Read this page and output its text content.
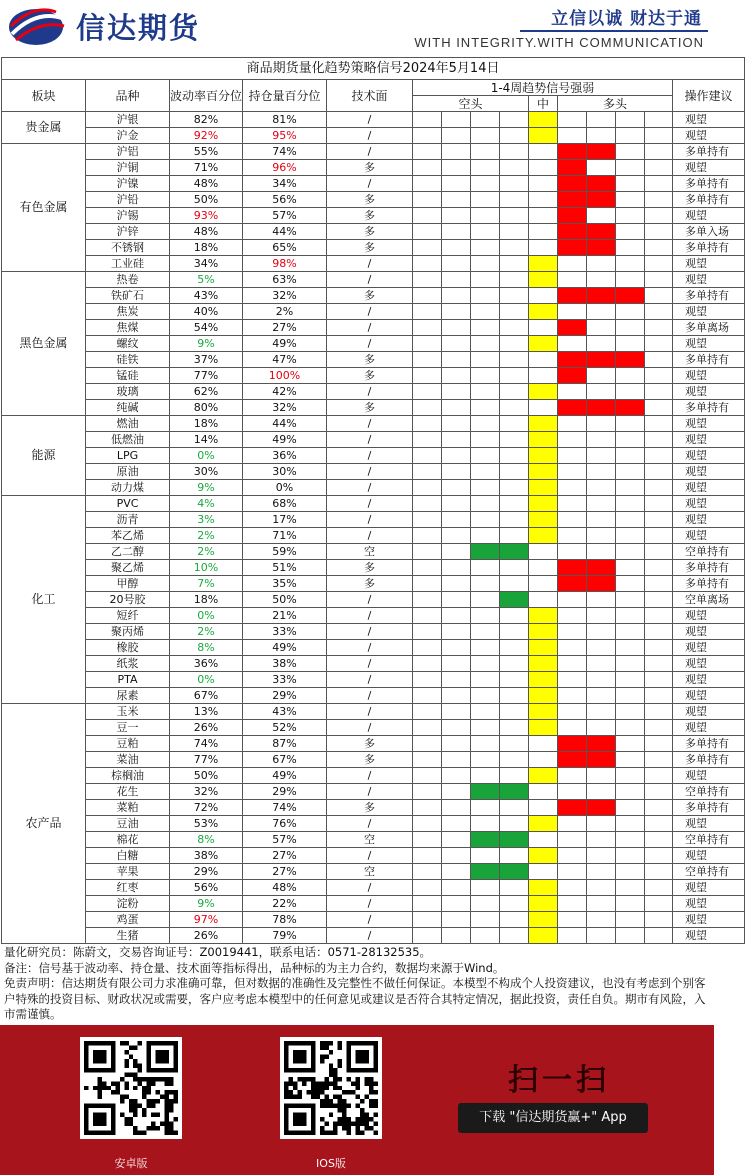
信达期货	立信以诚 财达于通
WITH INTEGRITY.WITH COMMUNICATION
商品期货量化趋势策略信号2024年5月14日														
板块	品种	波动率百分位	持仓量百分位	技术面	1-4周趋势信号强弱									操作建议
					空头				中	多头				
贵金属	沪银	82%	81%	/										观望
	沪金	92%	95%	/										观望
有色金属	沪铝	55%	74%	/										多单持有
	沪铜	71%	96%	多										观望
	沪镍	48%	34%	/										多单持有
	沪铅	50%	56%	多										多单持有
	沪锡	93%	57%	多										观望
	沪锌	48%	44%	多										多单入场
	不锈钢	18%	65%	多										多单持有
	工业硅	34%	98%	/										观望
黑色金属	热卷	5%	63%	/										观望
	铁矿石	43%	32%	多										多单持有
	焦炭	40%	2%	/										观望
	焦煤	54%	27%	/										多单离场
	螺纹	9%	49%	/										观望
	硅铁	37%	47%	多										多单持有
	锰硅	77%	100%	多										观望
	玻璃	62%	42%	/										观望
	纯碱	80%	32%	多										多单持有
能源	燃油	18%	44%	/										观望
	低燃油	14%	49%	/										观望
	LPG	0%	36%	/										观望
	原油	30%	30%	/										观望
	动力煤	9%	0%	/										观望
化工	PVC	4%	68%	/										观望
	沥青	3%	17%	/										观望
	苯乙烯	2%	71%	/										观望
	乙二醇	2%	59%	空										空单持有
	聚乙烯	10%	51%	多										多单持有
	甲醇	7%	35%	多										多单持有
	20号胶	18%	50%	/										空单离场
	短纤	0%	21%	/										观望
	聚丙烯	2%	33%	/										观望
	橡胶	8%	49%	/										观望
	纸浆	36%	38%	/										观望
	PTA	0%	33%	/										观望
	尿素	67%	29%	/										观望
农产品	玉米	13%	43%	/										观望
	豆一	26%	52%	/										观望
	豆粕	74%	87%	多										多单持有
	菜油	77%	67%	多										多单持有
	棕榈油	50%	49%	/										观望
	花生	32%	29%	/										空单持有
	菜粕	72%	74%	多										多单持有
	豆油	53%	76%	/										观望
	棉花	8%	57%	空										空单持有
	白糖	38%	27%	/										观望
	苹果	29%	27%	空										空单持有
	红枣	56%	48%	/										观望
	淀粉	9%	22%	/										观望
	鸡蛋	97%	78%	/										观望
	生猪	26%	79%	/										观望
量化研究员：陈蔚文，交易咨询证号：Z0019441，联系电话：0571-28132535。
备注：信号基于波动率、持仓量、技术面等指标得出，品种标的为主力合约，数据均来源于Wind。
免责声明：信达期货有限公司力求准确可靠，但对数据的准确性及完整性不做任何保证。本模型不构成个人投资建议，也没有考虑到个别客户特殊的投资目标、财政状况或需要，客户应考虑本模型中的任何意见或建议是否符合其特定情况，据此投资，责任自负。期市有风险，入市需谨慎。
安卓版	IOS版
扫一扫
下载 "信达期货赢+" App
